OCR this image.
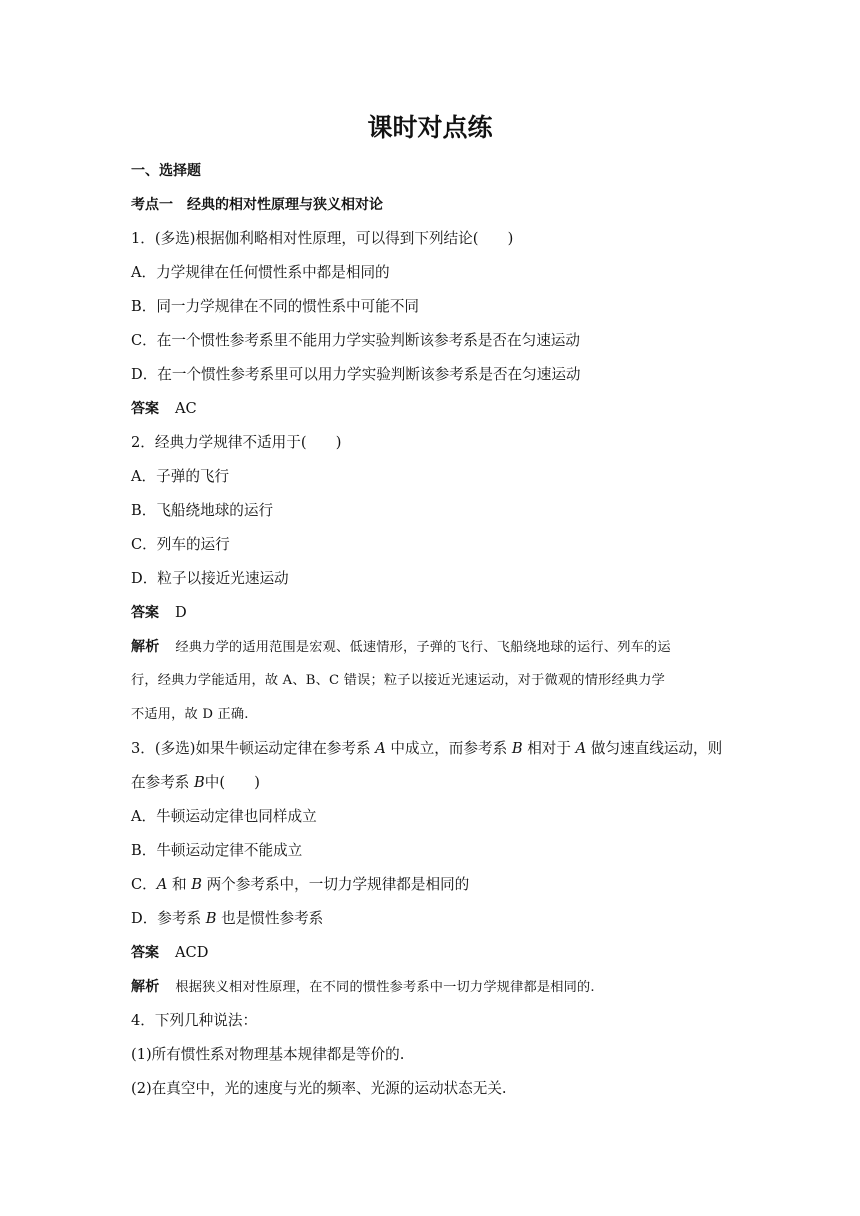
课时对点练
一、选择题
考点一　经典的相对性原理与狭义相对论
1．(多选)根据伽利略相对性原理，可以得到下列结论(　　)
A．力学规律在任何惯性系中都是相同的
B．同一力学规律在不同的惯性系中可能不同
C．在一个惯性参考系里不能用力学实验判断该参考系是否在匀速运动
D．在一个惯性参考系里可以用力学实验判断该参考系是否在匀速运动
答案 AC
2．经典力学规律不适用于(　　)
A．子弹的飞行
B．飞船绕地球的运行
C．列车的运行
D．粒子以接近光速运动
答案 D
解析 经典力学的适用范围是宏观、低速情形，子弹的飞行、飞船绕地球的运行、列车的运
行，经典力学能适用，故 A、B、C 错误；粒子以接近光速运动，对于微观的情形经典力学
不适用，故 D 正确.
3．(多选)如果牛顿运动定律在参考系 A 中成立，而参考系 B 相对于 A 做匀速直线运动，则
在参考系 B中(　　)
A．牛顿运动定律也同样成立
B．牛顿运动定律不能成立
C．A 和 B 两个参考系中，一切力学规律都是相同的
D．参考系 B 也是惯性参考系
答案 ACD
解析 根据狭义相对性原理，在不同的惯性参考系中一切力学规律都是相同的.
4．下列几种说法：
(1)所有惯性系对物理基本规律都是等价的.
(2)在真空中，光的速度与光的频率、光源的运动状态无关.
